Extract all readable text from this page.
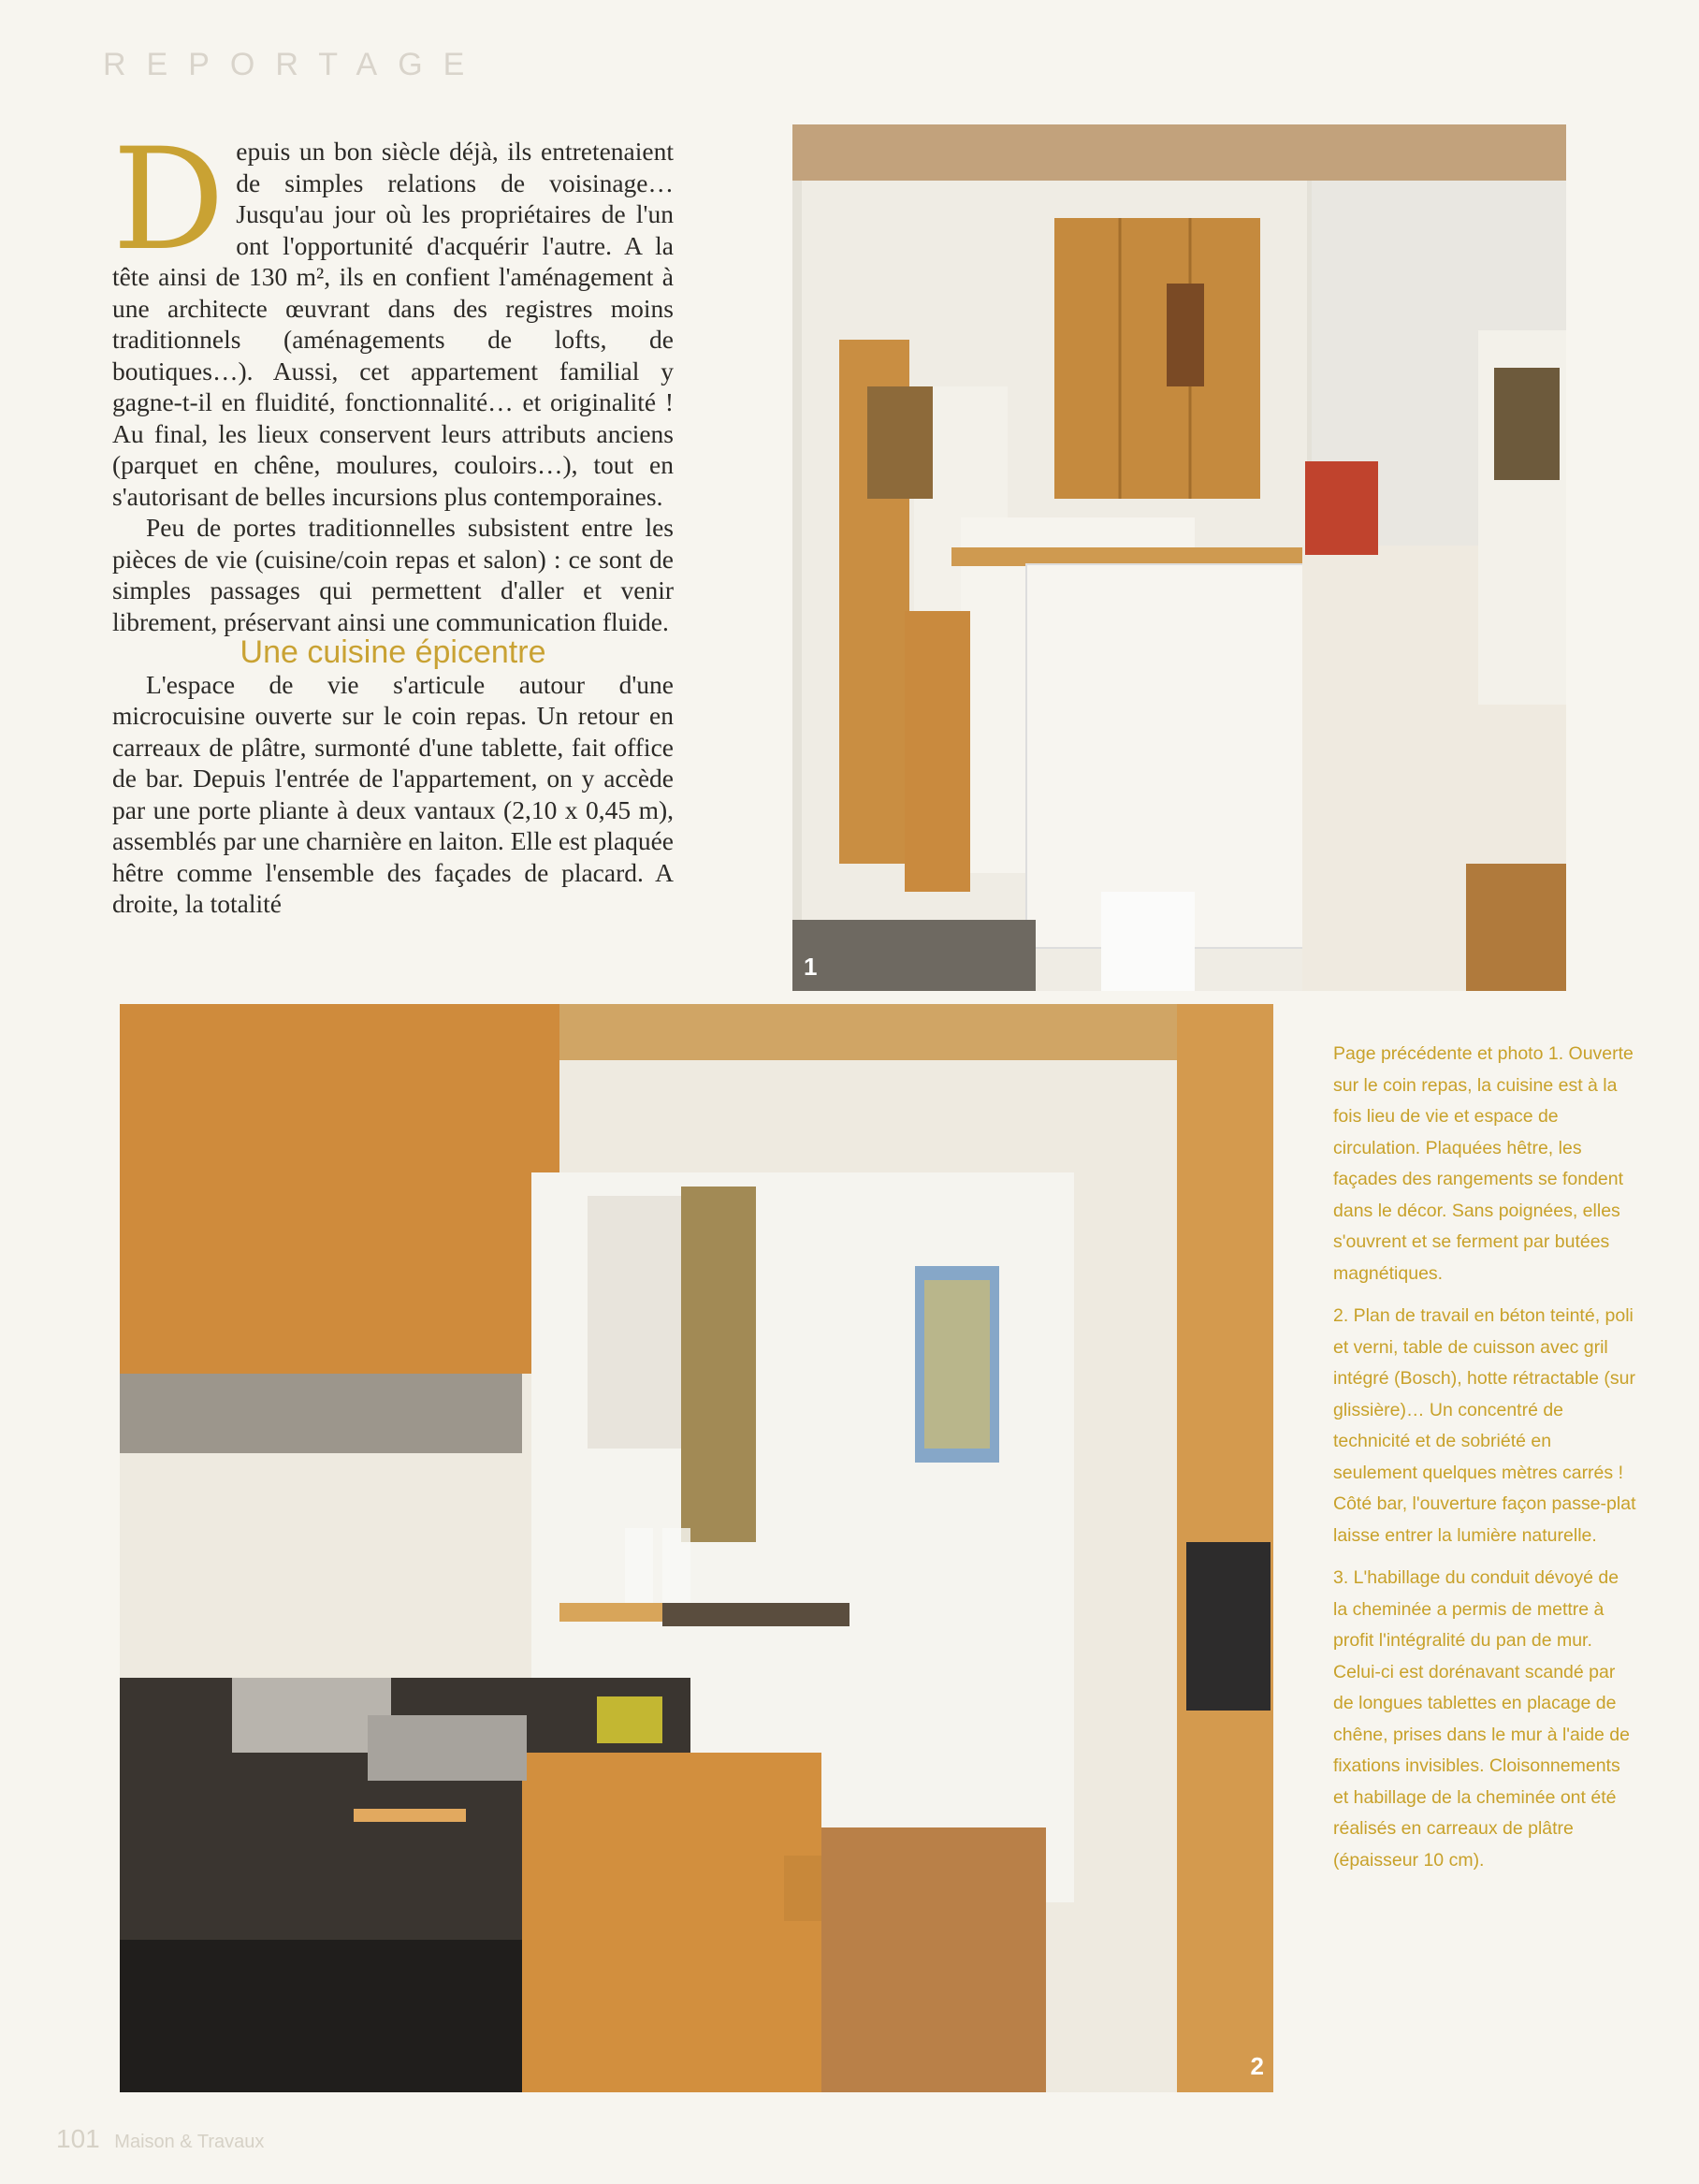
REPORTAGE

Depuis un bon siècle déjà, ils entretenaient de simples relations de voisinage… Jusqu'au jour où les propriétaires de l'un ont l'opportunité d'acquérir l'autre. A la tête ainsi de 130 m², ils en confient l'aménagement à une architecte œuvrant dans des registres moins traditionnels (aménagements de lofts, de boutiques…). Aussi, cet appartement familial y gagne-t-il en fluidité, fonctionnalité… et originalité ! Au final, les lieux conservent leurs attributs anciens (parquet en chêne, moulures, couloirs…), tout en s'autorisant de belles incursions plus contemporaines.

Peu de portes traditionnelles subsistent entre les pièces de vie (cuisine/coin repas et salon) : ce sont de simples passages qui permettent d'aller et venir librement, préservant ainsi une communication fluide.

Une cuisine épicentre

L'espace de vie s'articule autour d'une microcuisine ouverte sur le coin repas. Un retour en carreaux de plâtre, surmonté d'une tablette, fait office de bar. Depuis l'entrée de l'appartement, on y accède par une porte pliante à deux vantaux (2,10 x 0,45 m), assemblés par une charnière en laiton. Elle est plaquée hêtre comme l'ensemble des façades de placard. A droite, la totalité

1
2

Page précédente et photo 1. Ouverte sur le coin repas, la cuisine est à la fois lieu de vie et espace de circulation. Plaquées hêtre, les façades des rangements se fondent dans le décor. Sans poignées, elles s'ouvrent et se ferment par butées magnétiques.

2. Plan de travail en béton teinté, poli et verni, table de cuisson avec gril intégré (Bosch), hotte rétractable (sur glissière)… Un concentré de technicité et de sobriété en seulement quelques mètres carrés ! Côté bar, l'ouverture façon passe-plat laisse entrer la lumière naturelle.

3. L'habillage du conduit dévoyé de la cheminée a permis de mettre à profit l'intégralité du pan de mur. Celui-ci est dorénavant scandé par de longues tablettes en placage de chêne, prises dans le mur à l'aide de fixations invisibles. Cloisonnements et habillage de la cheminée ont été réalisés en carreaux de plâtre (épaisseur 10 cm).

101 Maison & Travaux
